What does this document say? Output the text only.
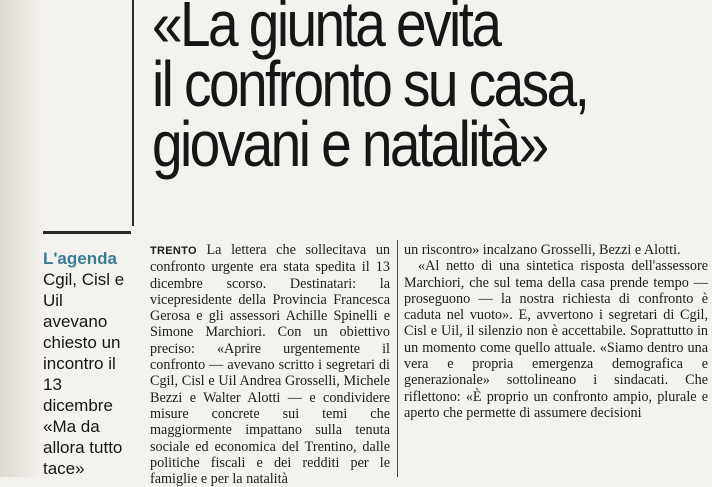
«La giunta evita
il confronto su casa,
giovani e natalità»
L'agenda Cgil, Cisl e Uil avevano chiesto un incontro il 13 dicembre «Ma da allora tutto tace»

TRENTO La lettera che sollecitava un confronto urgente era stata spedita il 13 dicembre scorso. Destinatari: la vicepresidente della Provincia Francesca Gerosa e gli assessori Achille Spinelli e Simone Marchiori. Con un obiettivo preciso: «Aprire urgentemente il confronto — avevano scritto i segretari di Cgil, Cisl e Uil Andrea Grosselli, Michele Bezzi e Walter Alotti — e condividere misure concrete sui temi che maggiormente impattano sulla tenuta sociale ed economica del Trentino, dalle politiche fiscali e dei redditi per le famiglie e per la natalità

un riscontro» incalzano Grosselli, Bezzi e Alotti.

«Al netto di una sintetica risposta dell'assessore Marchiori, che sul tema della casa prende tempo — proseguono — la nostra richiesta di confronto è caduta nel vuoto». E, avvertono i segretari di Cgil, Cisl e Uil, il silenzio non è accettabile. Soprattutto in un momento come quello attuale. «Siamo dentro una vera e propria emergenza demografica e generazionale» sottolineano i sindacati. Che riflettono: «È proprio un confronto ampio, plurale e aperto che permette di assumere decisioni
